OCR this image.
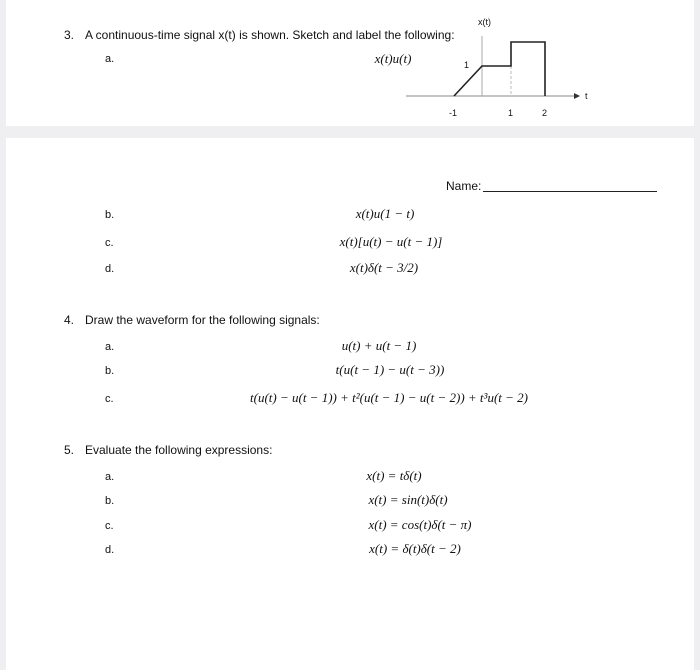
3. A continuous-time signal x(t) is shown. Sketch and label the following:
a.	x(t)u(t)
x(t)
1
t
-1	1	2
Name:
b.	x(t)u(1 − t)
c.	x(t)[u(t) − u(t − 1)]
d.	x(t)δ(t − 3/2)
4. Draw the waveform for the following signals:
a.	u(t) + u(t − 1)
b.	t(u(t − 1) − u(t − 3))
c.	t(u(t) − u(t − 1)) + t²(u(t − 1) − u(t − 2)) + t³u(t − 2)
5. Evaluate the following expressions:
a.	x(t) = tδ(t)
b.	x(t) = sin(t)δ(t)
c.	x(t) = cos(t)δ(t − π)
d.	x(t) = δ(t)δ(t − 2)
